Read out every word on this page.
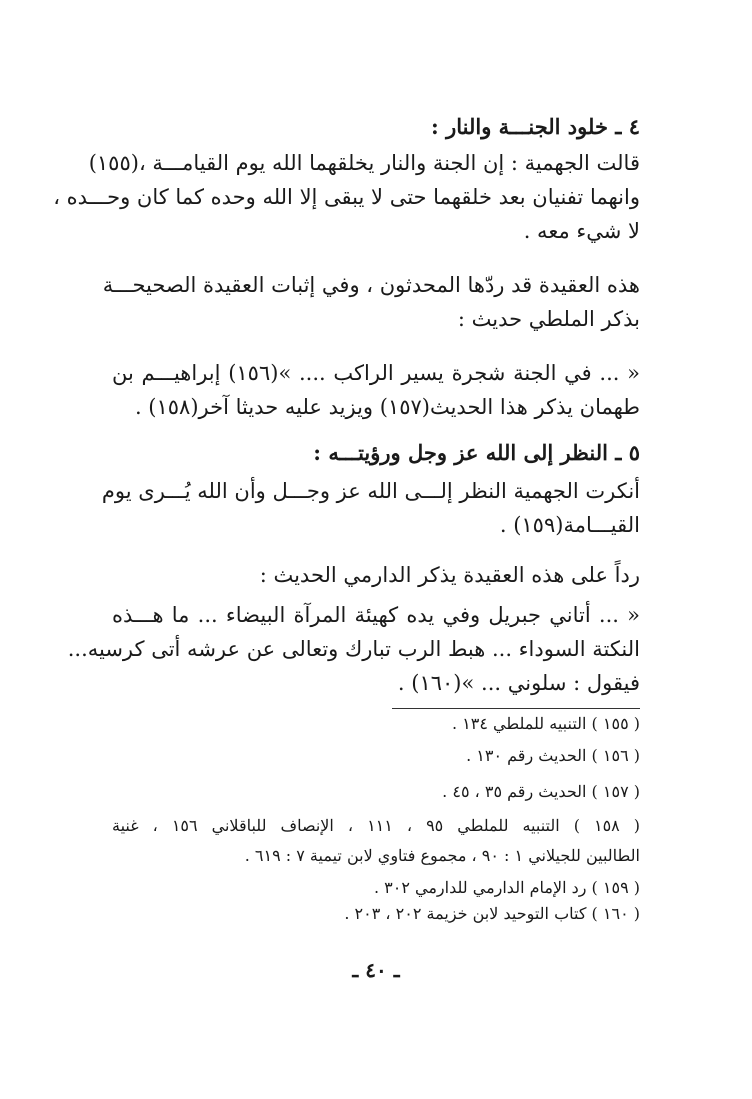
٤ ـ خلود الجنـــة والنار :
قالت الجهمية : إن الجنة والنار يخلقهما الله يوم القيامـــة ،(١٥٥)
وانهما تفنيان بعد خلقهما حتى لا يبقى إلا الله وحده كما كان وحـــده ،
لا شيء معه .
هذه العقيدة قد ردّها المحدثون ، وفي إثبات العقيدة الصحيحـــة
بذكر الملطي حديث :
« ... في الجنة شجرة يسير الراكب .... »(١٥٦) إبراهيـــم بن
طهمان يذكر هذا الحديث(١٥٧) ويزيد عليه حديثا آخر(١٥٨) .
٥ ـ النظر إلى الله عز وجل ورؤيتـــه :
أنكرت الجهمية النظر إلـــى الله عز وجـــل وأن الله يُـــرى يوم
القيـــامة(١٥٩) .
رداً على هذه العقيدة يذكر الدارمي الحديث :
« ... أتاني جبريل وفي يده كهيئة المرآة البيضاء ... ما هـــذه
النكتة السوداء ... هبط الرب تبارك وتعالى عن عرشه أتى كرسيه...
فيقول : سلوني ... »(١٦٠) .
( ١٥٥ ) التنبيه للملطي ١٣٤ .
( ١٥٦ ) الحديث رقم ١٣٠ .
( ١٥٧ ) الحديث رقم ٣٥ ، ٤٥ .
( ١٥٨ ) التنبيه للملطي ٩٥ ، ١١١ ، الإنصاف للباقلاني ١٥٦ ، غنية
الطالبين للجيلاني ١ : ٩٠ ، مجموع فتاوي لابن تيمية ٧ : ٦١٩ .
( ١٥٩ ) رد الإمام الدارمي للدارمي ٣٠٢ .
( ١٦٠ ) كتاب التوحيد لابن خزيمة ٢٠٢ ، ٢٠٣ .
ـ ٤٠ ـ
